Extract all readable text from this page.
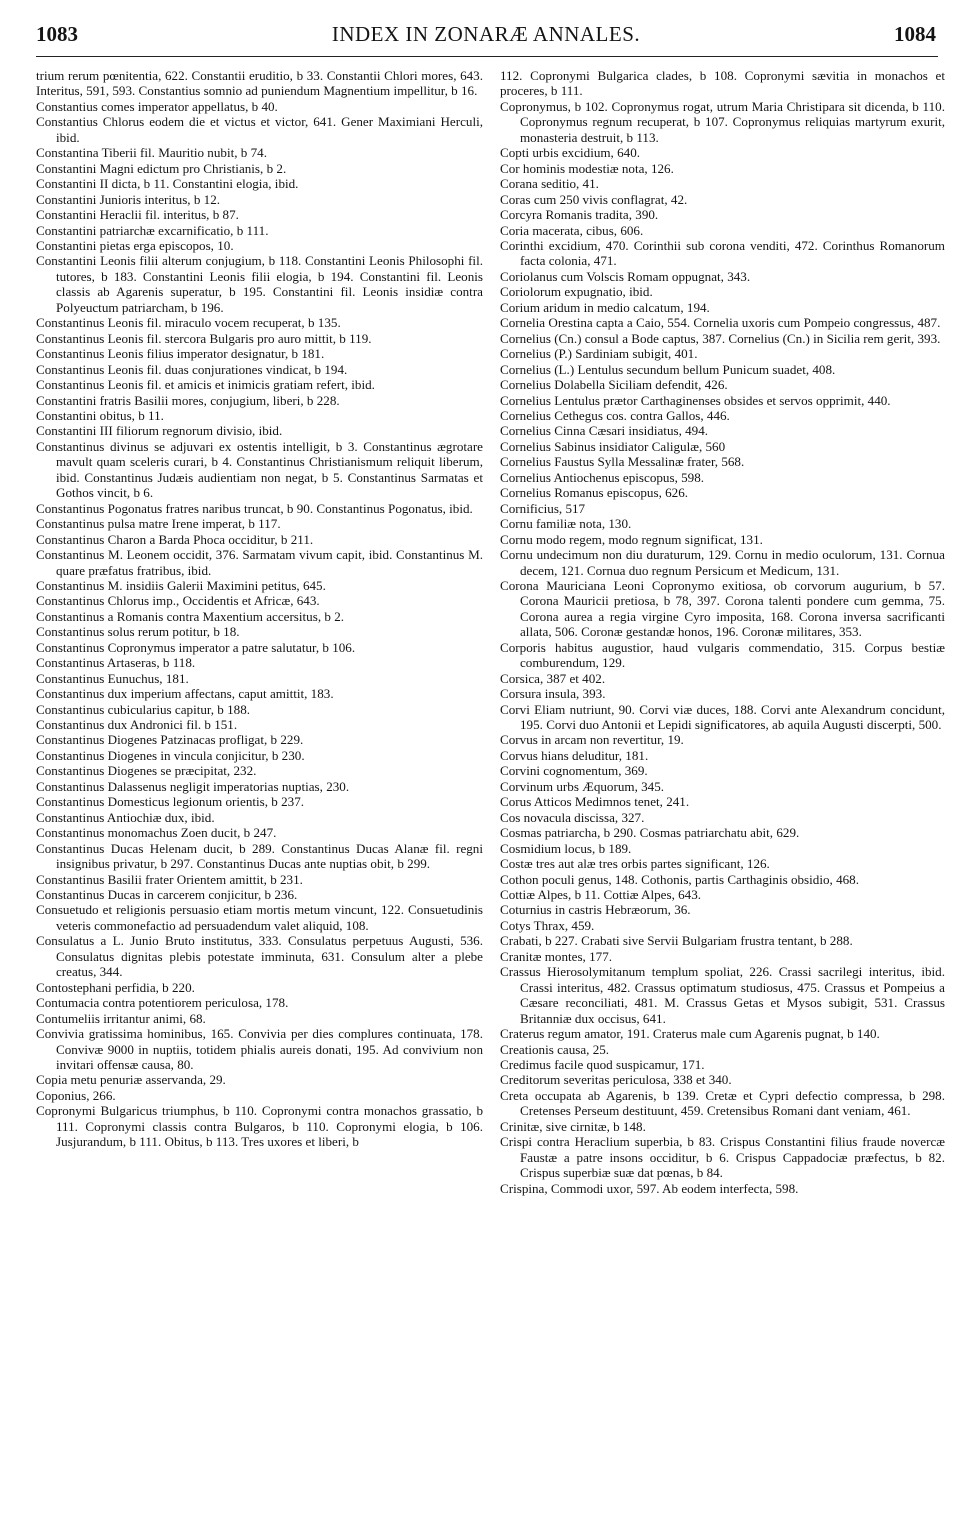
1083	INDEX IN ZONARÆ ANNALES.	1084

trium rerum pœnitentia, 622. Constantii eruditio, b 33. Constantii Chlori mores, 643. Interitus, 591, 593. Constantius somnio ad puniendum Magnentium impellitur, b 16.

Constantius comes imperator appellatus, b 40.

Constantius Chlorus eodem die et victus et victor, 641. Gener Maximiani Herculi, ibid.

Constantina Tiberii fil. Mauritio nubit, b 74.

Constantini Magni edictum pro Christianis, b 2.

Constantini II dicta, b 11. Constantini elogia, ibid.

Constantini Junioris interitus, b 12.

Constantini Heraclii fil. interitus, b 87.

Constantini patriarchæ excarnificatio, b 111.

Constantini pietas erga episcopos, 10.

Constantini Leonis filii alterum conjugium, b 118. Constantini Leonis Philosophi fil. tutores, b 183. Constantini Leonis filii elogia, b 194. Constantini fil. Leonis classis ab Agarenis superatur, b 195. Constantini fil. Leonis insidiæ contra Polyeuctum patriarcham, b 196.

Constantinus Leonis fil. miraculo vocem recuperat, b 135.

Constantinus Leonis fil. stercora Bulgaris pro auro mittit, b 119.

Constantinus Leonis filius imperator designatur, b 181.

Constantinus Leonis fil. duas conjurationes vindicat, b 194.

Constantinus Leonis fil. et amicis et inimicis gratiam refert, ibid.

Constantini fratris Basilii mores, conjugium, liberi, b 228.

Constantini obitus, b 11.

Constantini III filiorum regnorum divisio, ibid.

Constantinus divinus se adjuvari ex ostentis intelligit, b 3. Constantinus ægrotare mavult quam sceleris curari, b 4. Constantinus Christianismum reliquit liberum, ibid. Constantinus Judæis audientiam non negat, b 5. Constantinus Sarmatas et Gothos vincit, b 6.

Constantinus Pogonatus fratres naribus truncat, b 90. Constantinus Pogonatus, ibid.

Constantinus pulsa matre Irene imperat, b 117.

Constantinus Charon a Barda Phoca occiditur, b 211.

Constantinus M. Leonem occidit, 376. Sarmatam vivum capit, ibid. Constantinus M. quare præfatus fratribus, ibid.

Constantinus M. insidiis Galerii Maximini petitus, 645.

Constantinus Chlorus imp., Occidentis et Africæ, 643.

Constantinus a Romanis contra Maxentium accersitus, b 2.

Constantinus solus rerum potitur, b 18.

Constantinus Copronymus imperator a patre salutatur, b 106.

Constantinus Artaseras, b 118.

Constantinus Eunuchus, 181.

Constantinus dux imperium affectans, caput amittit, 183.

Constantinus cubicularius capitur, b 188.

Constantinus dux Andronici fil. b 151.

Constantinus Diogenes Patzinacas profligat, b 229.

Constantinus Diogenes in vincula conjicitur, b 230.

Constantinus Diogenes se præcipitat, 232.

Constantinus Dalassenus negligit imperatorias nuptias, 230.

Constantinus Domesticus legionum orientis, b 237.

Constantinus Antiochiæ dux, ibid.

Constantinus monomachus Zoen ducit, b 247.

Constantinus Ducas Helenam ducit, b 289. Constantinus Ducas Alanæ fil. regni insignibus privatur, b 297. Constantinus Ducas ante nuptias obit, b 299.

Constantinus Basilii frater Orientem amittit, b 231.

Constantinus Ducas in carcerem conjicitur, b 236.

Consuetudo et religionis persuasio etiam mortis metum vincunt, 122. Consuetudinis veteris commonefactio ad persuadendum valet aliquid, 108.

Consulatus a L. Junio Bruto institutus, 333. Consulatus perpetuus Augusti, 536. Consulatus dignitas plebis potestate imminuta, 631. Consulum alter a plebe creatus, 344.

Contostephani perfidia, b 220.

Contumacia contra potentiorem periculosa, 178.

Contumeliis irritantur animi, 68.

Convivia gratissima hominibus, 165. Convivia per dies complures continuata, 178. Convivæ 9000 in nuptiis, totidem phialis aureis donati, 195. Ad convivium non invitari offensæ causa, 80.

Copia metu penuriæ asservanda, 29.

Coponius, 266.

Copronymi Bulgaricus triumphus, b 110. Copronymi contra monachos grassatio, b 111. Copronymi classis contra Bulgaros, b 110. Copronymi elogia, b 106. Jusjurandum, b 111. Obitus, b 113. Tres uxores et liberi, b

112. Copronymi Bulgarica clades, b 108. Copronymi sævitia in monachos et proceres, b 111.

Copronymus, b 102. Copronymus rogat, utrum Maria Christipara sit dicenda, b 110. Copronymus regnum recuperat, b 107. Copronymus reliquias martyrum exurit, monasteria destruit, b 113.

Copti urbis excidium, 640.

Cor hominis modestiæ nota, 126.

Corana seditio, 41.

Coras cum 250 vivis conflagrat, 42.

Corcyra Romanis tradita, 390.

Coria macerata, cibus, 606.

Corinthi excidium, 470. Corinthii sub corona venditi, 472. Corinthus Romanorum facta colonia, 471.

Coriolanus cum Volscis Romam oppugnat, 343.

Coriolorum expugnatio, ibid.

Corium aridum in medio calcatum, 194.

Cornelia Orestina capta a Caio, 554. Cornelia uxoris cum Pompeio congressus, 487.

Cornelius (Cn.) consul a Bode captus, 387. Cornelius (Cn.) in Sicilia rem gerit, 393.

Cornelius (P.) Sardiniam subigit, 401.

Cornelius (L.) Lentulus secundum bellum Punicum suadet, 408.

Cornelius Dolabella Siciliam defendit, 426.

Cornelius Lentulus prætor Carthaginenses obsides et servos opprimit, 440.

Cornelius Cethegus cos. contra Gallos, 446.

Cornelius Cinna Cæsari insidiatus, 494.

Cornelius Sabinus insidiator Caligulæ, 560

Cornelius Faustus Sylla Messalinæ frater, 568.

Cornelius Antiochenus episcopus, 598.

Cornelius Romanus episcopus, 626.

Cornificius, 517

Cornu familiæ nota, 130.

Cornu modo regem, modo regnum significat, 131.

Cornu undecimum non diu duraturum, 129. Cornu in medio oculorum, 131. Cornua decem, 121. Cornua duo regnum Persicum et Medicum, 131.

Corona Mauriciana Leoni Copronymo exitiosa, ob corvorum augurium, b 57. Corona Mauricii pretiosa, b 78, 397. Corona talenti pondere cum gemma, 75. Corona aurea a regia virgine Cyro imposita, 168. Corona inversa sacrificanti allata, 506. Coronæ gestandæ honos, 196. Coronæ militares, 353.

Corporis habitus augustior, haud vulgaris commendatio, 315. Corpus bestiæ comburendum, 129.

Corsica, 387 et 402.

Corsura insula, 393.

Corvi Eliam nutriunt, 90. Corvi viæ duces, 188. Corvi ante Alexandrum concidunt, 195. Corvi duo Antonii et Lepidi significatores, ab aquila Augusti discerpti, 500.

Corvus in arcam non revertitur, 19.

Corvus hians deluditur, 181.

Corvini cognomentum, 369.

Corvinum urbs Æquorum, 345.

Corus Atticos Medimnos tenet, 241.

Cos novacula discissa, 327.

Cosmas patriarcha, b 290. Cosmas patriarchatu abit, 629.

Cosmidium locus, b 189.

Costæ tres aut alæ tres orbis partes significant, 126.

Cothon poculi genus, 148. Cothonis, partis Carthaginis obsidio, 468.

Cottiæ Alpes, b 11. Cottiæ Alpes, 643.

Coturnius in castris Hebræorum, 36.

Cotys Thrax, 459.

Crabati, b 227. Crabati sive Servii Bulgariam frustra tentant, b 288.

Cranitæ montes, 177.

Crassus Hierosolymitanum templum spoliat, 226. Crassi sacrilegi interitus, ibid. Crassi interitus, 482. Crassus optimatum studiosus, 475. Crassus et Pompeius a Cæsare reconciliati, 481. M. Crassus Getas et Mysos subigit, 531. Crassus Britanniæ dux occisus, 641.

Craterus regum amator, 191. Craterus male cum Agarenis pugnat, b 140.

Creationis causa, 25.

Credimus facile quod suspicamur, 171.

Creditorum severitas periculosa, 338 et 340.

Creta occupata ab Agarenis, b 139. Cretæ et Cypri defectio compressa, b 298. Cretenses Perseum destituunt, 459. Cretensibus Romani dant veniam, 461.

Crinitæ, sive cirnitæ, b 148.

Crispi contra Heraclium superbia, b 83. Crispus Constantini filius fraude novercæ Faustæ a patre insons occiditur, b 6. Crispus Cappadociæ præfectus, b 82. Crispus superbiæ suæ dat pœnas, b 84.

Crispina, Commodi uxor, 597. Ab eodem interfecta, 598.
